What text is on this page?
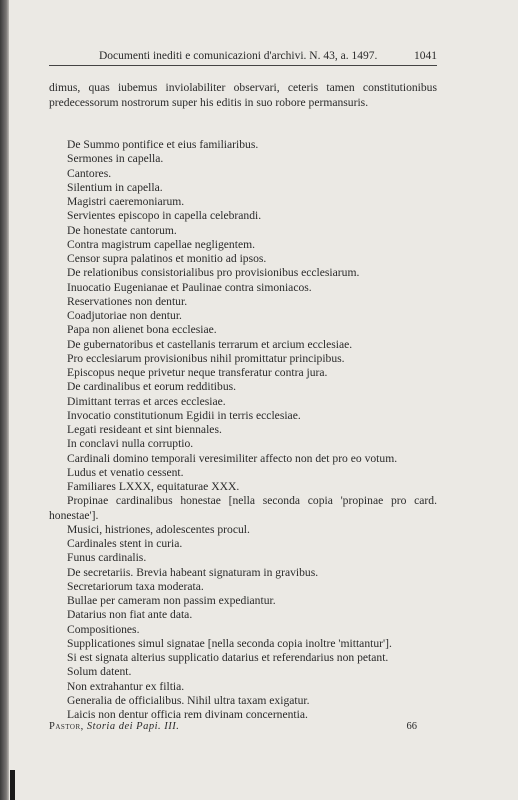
Documenti inediti e comunicazioni d'archivi. N. 43, a. 1497.	1041
dimus, quas iubemus inviolabiliter observari, ceteris tamen constitutionibus predecessorum nostrorum super his editis in suo robore permansuris.
De Summo pontifice et eius familiaribus.
Sermones in capella.
Cantores.
Silentium in capella.
Magistri caeremoniarum.
Servientes episcopo in capella celebrandi.
De honestate cantorum.
Contra magistrum capellae negligentem.
Censor supra palatinos et monitio ad ipsos.
De relationibus consistorialibus pro provisionibus ecclesiarum.
Inuocatio Eugenianae et Paulinae contra simoniacos.
Reservationes non dentur.
Coadjutoriae non dentur.
Papa non alienet bona ecclesiae.
De gubernatoribus et castellanis terrarum et arcium ecclesiae.
Pro ecclesiarum provisionibus nihil promittatur principibus.
Episcopus neque privetur neque transferatur contra jura.
De cardinalibus et eorum redditibus.
Dimittant terras et arces ecclesiae.
Invocatio constitutionum Egidii in terris ecclesiae.
Legati resideant et sint biennales.
In conclavi nulla corruptio.
Cardinali domino temporali veresimiliter affecto non det pro eo votum.
Ludus et venatio cessent.
Familiares LXXX, equitaturae XXX.
Propinae cardinalibus honestae [nella seconda copia 'propinae pro card. honestae'].
Musici, histriones, adolescentes procul.
Cardinales stent in curia.
Funus cardinalis.
De secretariis. Brevia habeant signaturam in gravibus.
Secretariorum taxa moderata.
Bullae per cameram non passim expediantur.
Datarius non fiat ante data.
Compositiones.
Supplicationes simul signatae [nella seconda copia inoltre 'mittantur'].
Si est signata alterius supplicatio datarius et referendarius non petant.
Solum datent.
Non extrahantur ex filtia.
Generalia de officialibus. Nihil ultra taxam exigatur.
Laicis non dentur officia rem divinam concernentia.
Pastor, Storia dei Papi. III.	66
